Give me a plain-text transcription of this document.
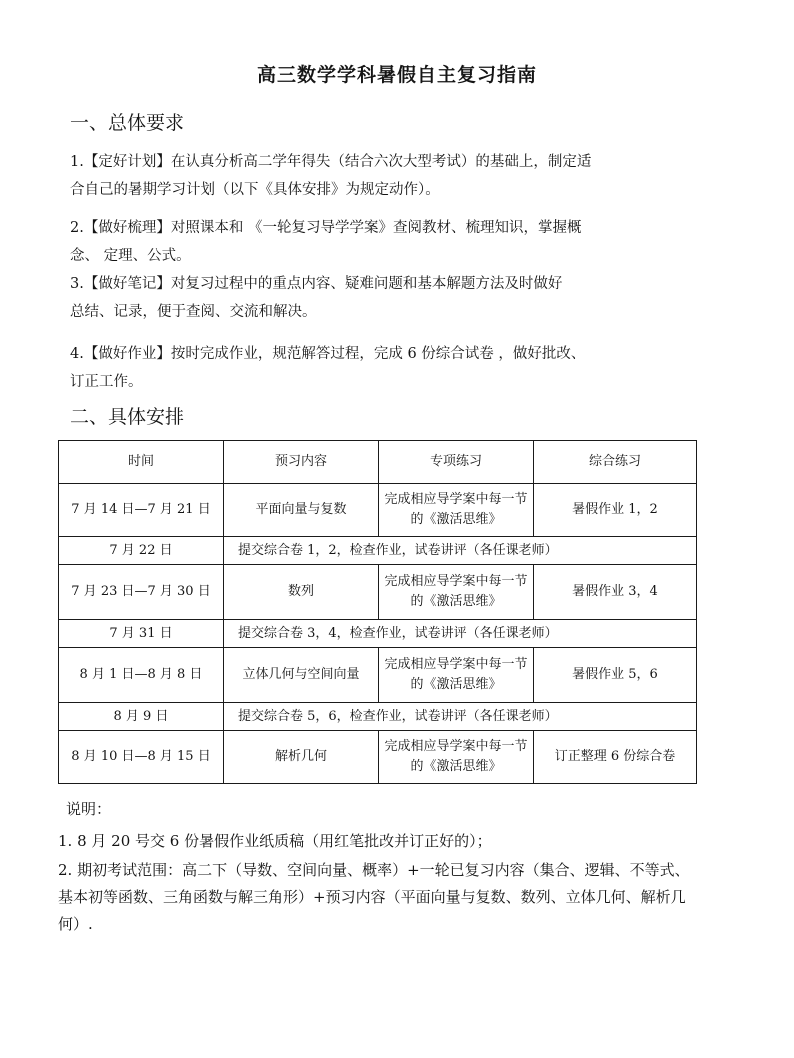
高三数学学科暑假自主复习指南
一、总体要求
1.【定好计划】在认真分析高二学年得失（结合六次大型考试）的基础上，制定适
合自己的暑期学习计划（以下《具体安排》为规定动作）。
2.【做好梳理】对照课本和 《一轮复习导学学案》查阅教材、梳理知识，掌握概
念、 定理、公式。
3.【做好笔记】对复习过程中的重点内容、疑难问题和基本解题方法及时做好
总结、记录，便于查阅、交流和解决。
4.【做好作业】按时完成作业，规范解答过程，完成 6 份综合试卷 ，做好批改、
订正工作。
二、具体安排
时间	预习内容	专项练习	综合练习
7 月 14 日—7 月 21 日	平面向量与复数	完成相应导学案中每一节的《激活思维》	暑假作业 1，2
7 月 22 日	提交综合卷 1，2，检查作业，试卷讲评（各任课老师）		
7 月 23 日—7 月 30 日	数列	完成相应导学案中每一节的《激活思维》	暑假作业 3，4
7 月 31 日	提交综合卷 3，4，检查作业，试卷讲评（各任课老师）		
8 月 1 日—8 月 8 日	立体几何与空间向量	完成相应导学案中每一节的《激活思维》	暑假作业 5，6
8 月 9 日	提交综合卷 5，6，检查作业，试卷讲评（各任课老师）		
8 月 10 日—8 月 15 日	解析几何	完成相应导学案中每一节的《激活思维》	订正整理 6 份综合卷
说明：
1. 8 月 20 号交 6 份暑假作业纸质稿（用红笔批改并订正好的）；
2. 期初考试范围：高二下（导数、空间向量、概率）+一轮已复习内容（集合、逻辑、不等式、基本初等函数、三角函数与解三角形）+预习内容（平面向量与复数、数列、立体几何、解析几何）.
